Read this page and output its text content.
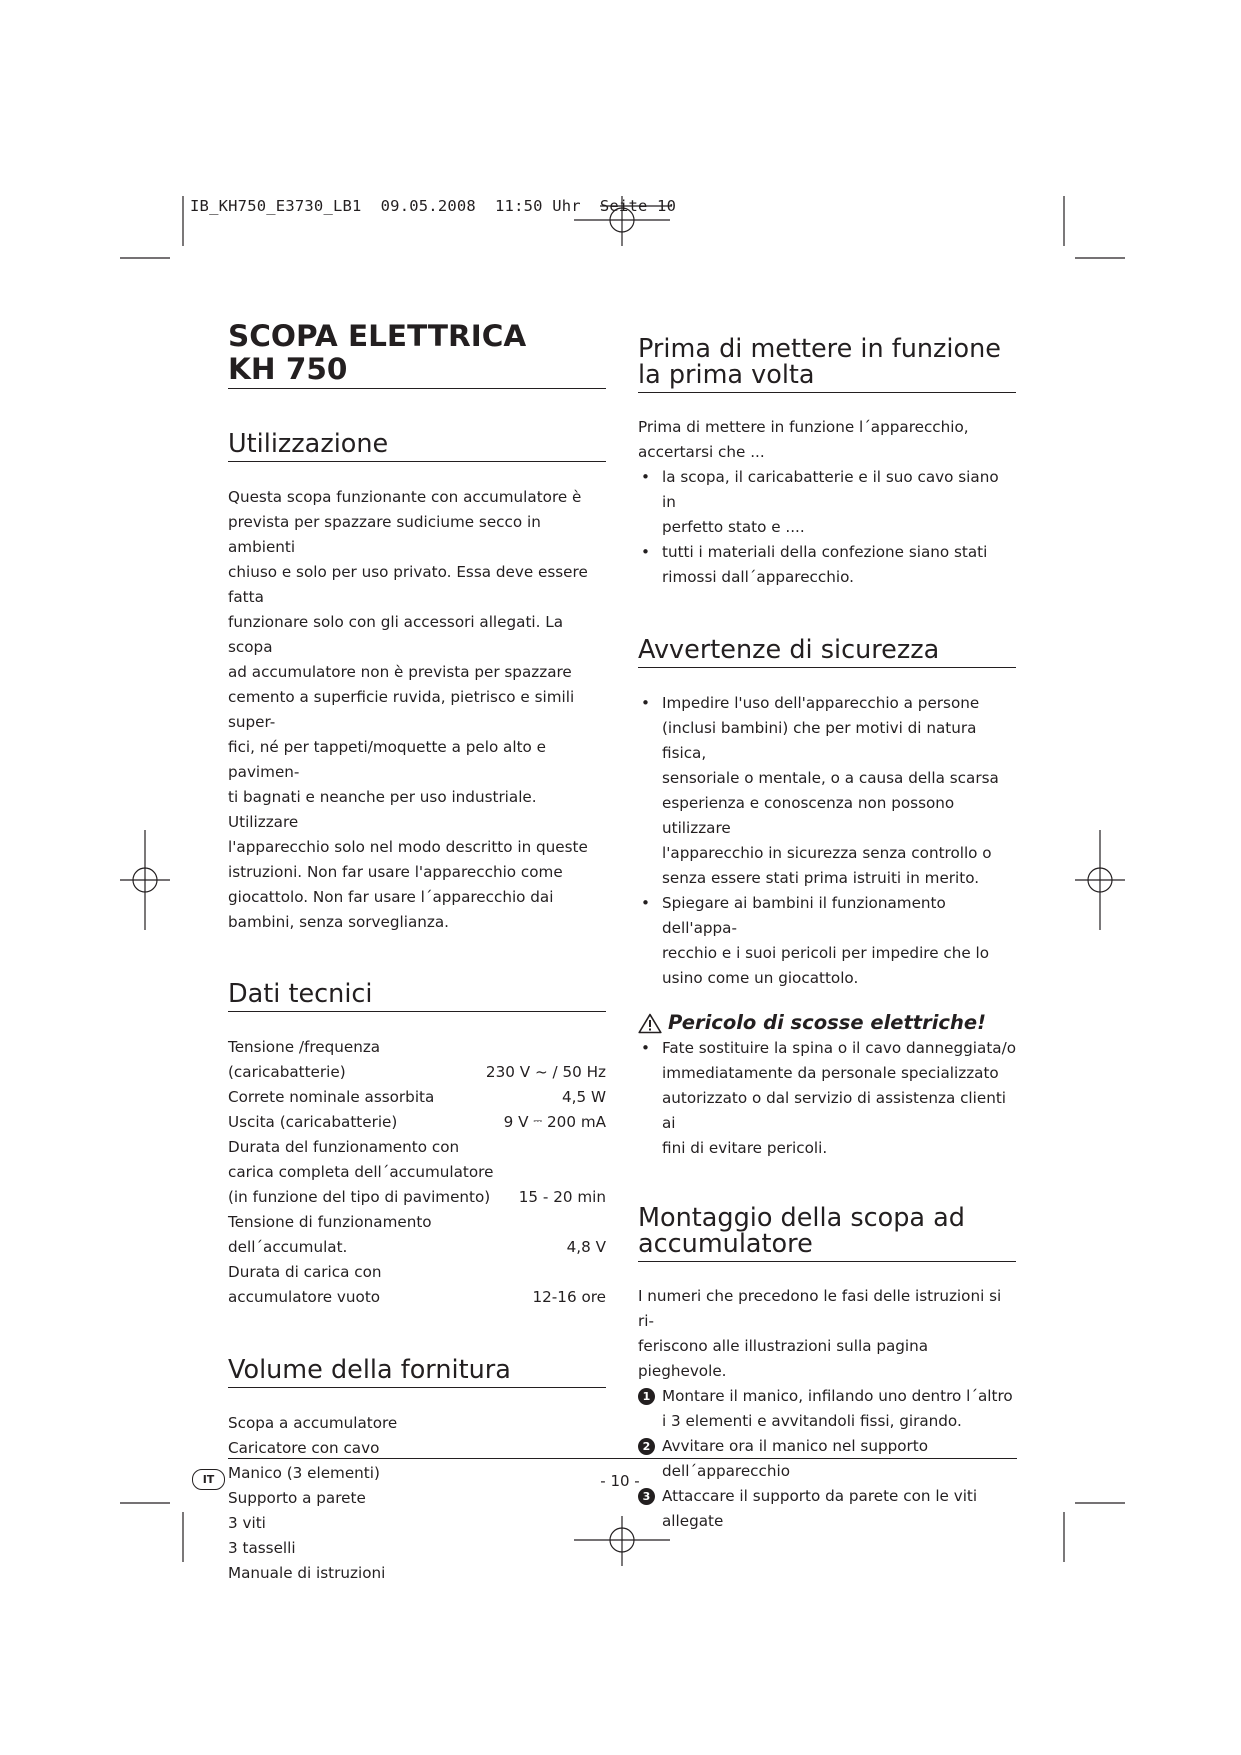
IB_KH750_E3730_LB1  09.05.2008  11:50 Uhr  Seite 10
SCOPA ELETTRICA
KH 750
Utilizzazione

Questa scopa funzionante con accumulatore è

prevista per spazzare sudiciume secco in ambienti

chiuso e solo per uso privato. Essa deve essere fatta

funzionare solo con gli accessori allegati. La scopa

ad accumulatore non è prevista per spazzare

cemento a superficie ruvida, pietrisco e simili super-

fici, né per tappeti/moquette a pelo alto e pavimen-

ti bagnati e neanche per uso industriale. Utilizzare

l'apparecchio solo nel modo descritto in queste

istruzioni. Non far usare l'apparecchio come

giocattolo. Non far usare l´apparecchio dai

bambini, senza sorveglianza.

Dati tecnici
Tensione /frequenza
(caricabatterie)	230 V ~ / 50 Hz
Correte nominale assorbita	4,5 W
Uscita (caricabatterie)	9 V ⎓ 200 mA
Durata del funzionamento con
carica completa dell´accumulatore
(in funzione del tipo di pavimento) 15 - 20 min
Tensione di funzionamento
dell´accumulat.	4,8 V
Durata di carica con
accumulatore vuoto	12-16 ore
Volume della fornitura

Scopa a accumulatore

Caricatore con cavo

Manico (3 elementi)

Supporto a parete

3 viti

3 tasselli

Manuale di istruzioni

Prima di mettere in funzione
la prima volta

Prima di mettere in funzione l´apparecchio,

accertarsi che ...

• la scopa, il caricabatterie e il suo cavo siano in
perfetto stato e ....
• tutti i materiali della confezione siano stati
rimossi dall´apparecchio.
Avvertenze di sicurezza
• Impedire l'uso dell'apparecchio a persone
(inclusi bambini) che per motivi di natura fisica,
sensoriale o mentale, o a causa della scarsa
esperienza e conoscenza non possono utilizzare
l'apparecchio in sicurezza senza controllo o
senza essere stati prima istruiti in merito.
• Spiegare ai bambini il funzionamento dell'appa-
recchio e i suoi pericoli per impedire che lo
usino come un giocattolo.
Pericolo di scosse elettriche!
• Fate sostituire la spina o il cavo danneggiata/o
immediatamente da personale specializzato
autorizzato o dal servizio di assistenza clienti ai
fini di evitare pericoli.
Montaggio della scopa ad
accumulatore

I numeri che precedono le fasi delle istruzioni si ri-

feriscono alle illustrazioni sulla pagina pieghevole.

1 Montare il manico, infilando uno dentro l´altro

i 3 elementi e avvitandoli fissi, girando.

2 Avvitare ora il manico nel supporto

dell´apparecchio

3 Attaccare il supporto da parete con le viti

allegate

IT	- 10 -
